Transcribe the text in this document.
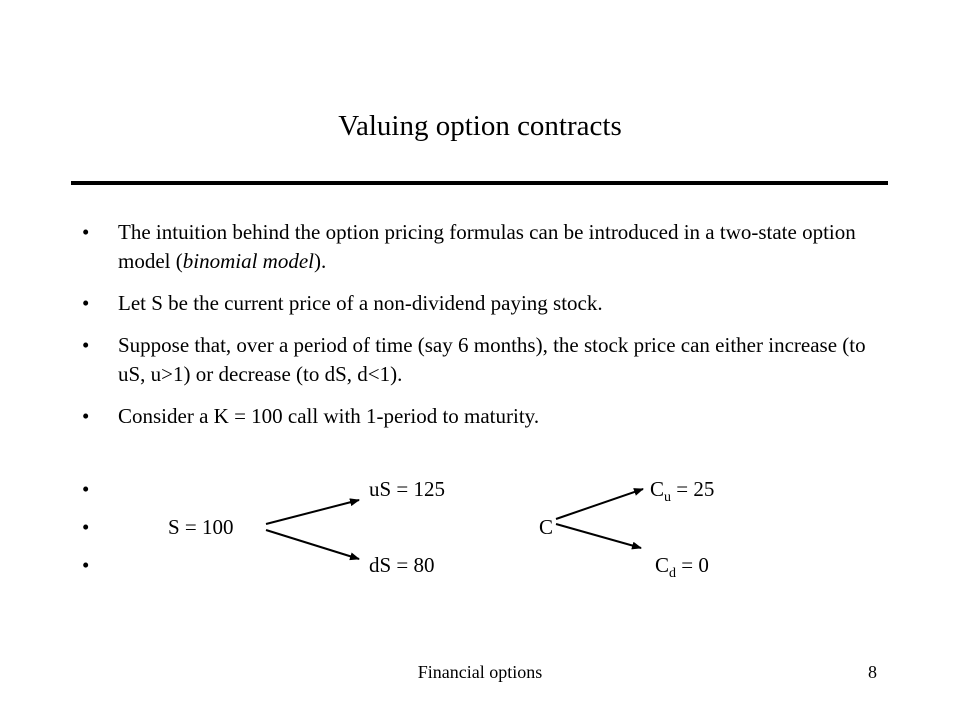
Valuing option contracts
• The intuition behind the option pricing formulas can be introduced in a two-state option model (binomial model).
• Let S be the current price of a non-dividend paying stock.
• Suppose that, over a period of time (say 6 months), the stock price can either increase (to uS, u>1) or decrease (to dS, d<1).
• Consider a K = 100 call with 1-period to maturity.
•
•
•
uS = 125
S = 100
dS = 80
$C_u = 25$
C
$C_d = 0$
Financial options	8
